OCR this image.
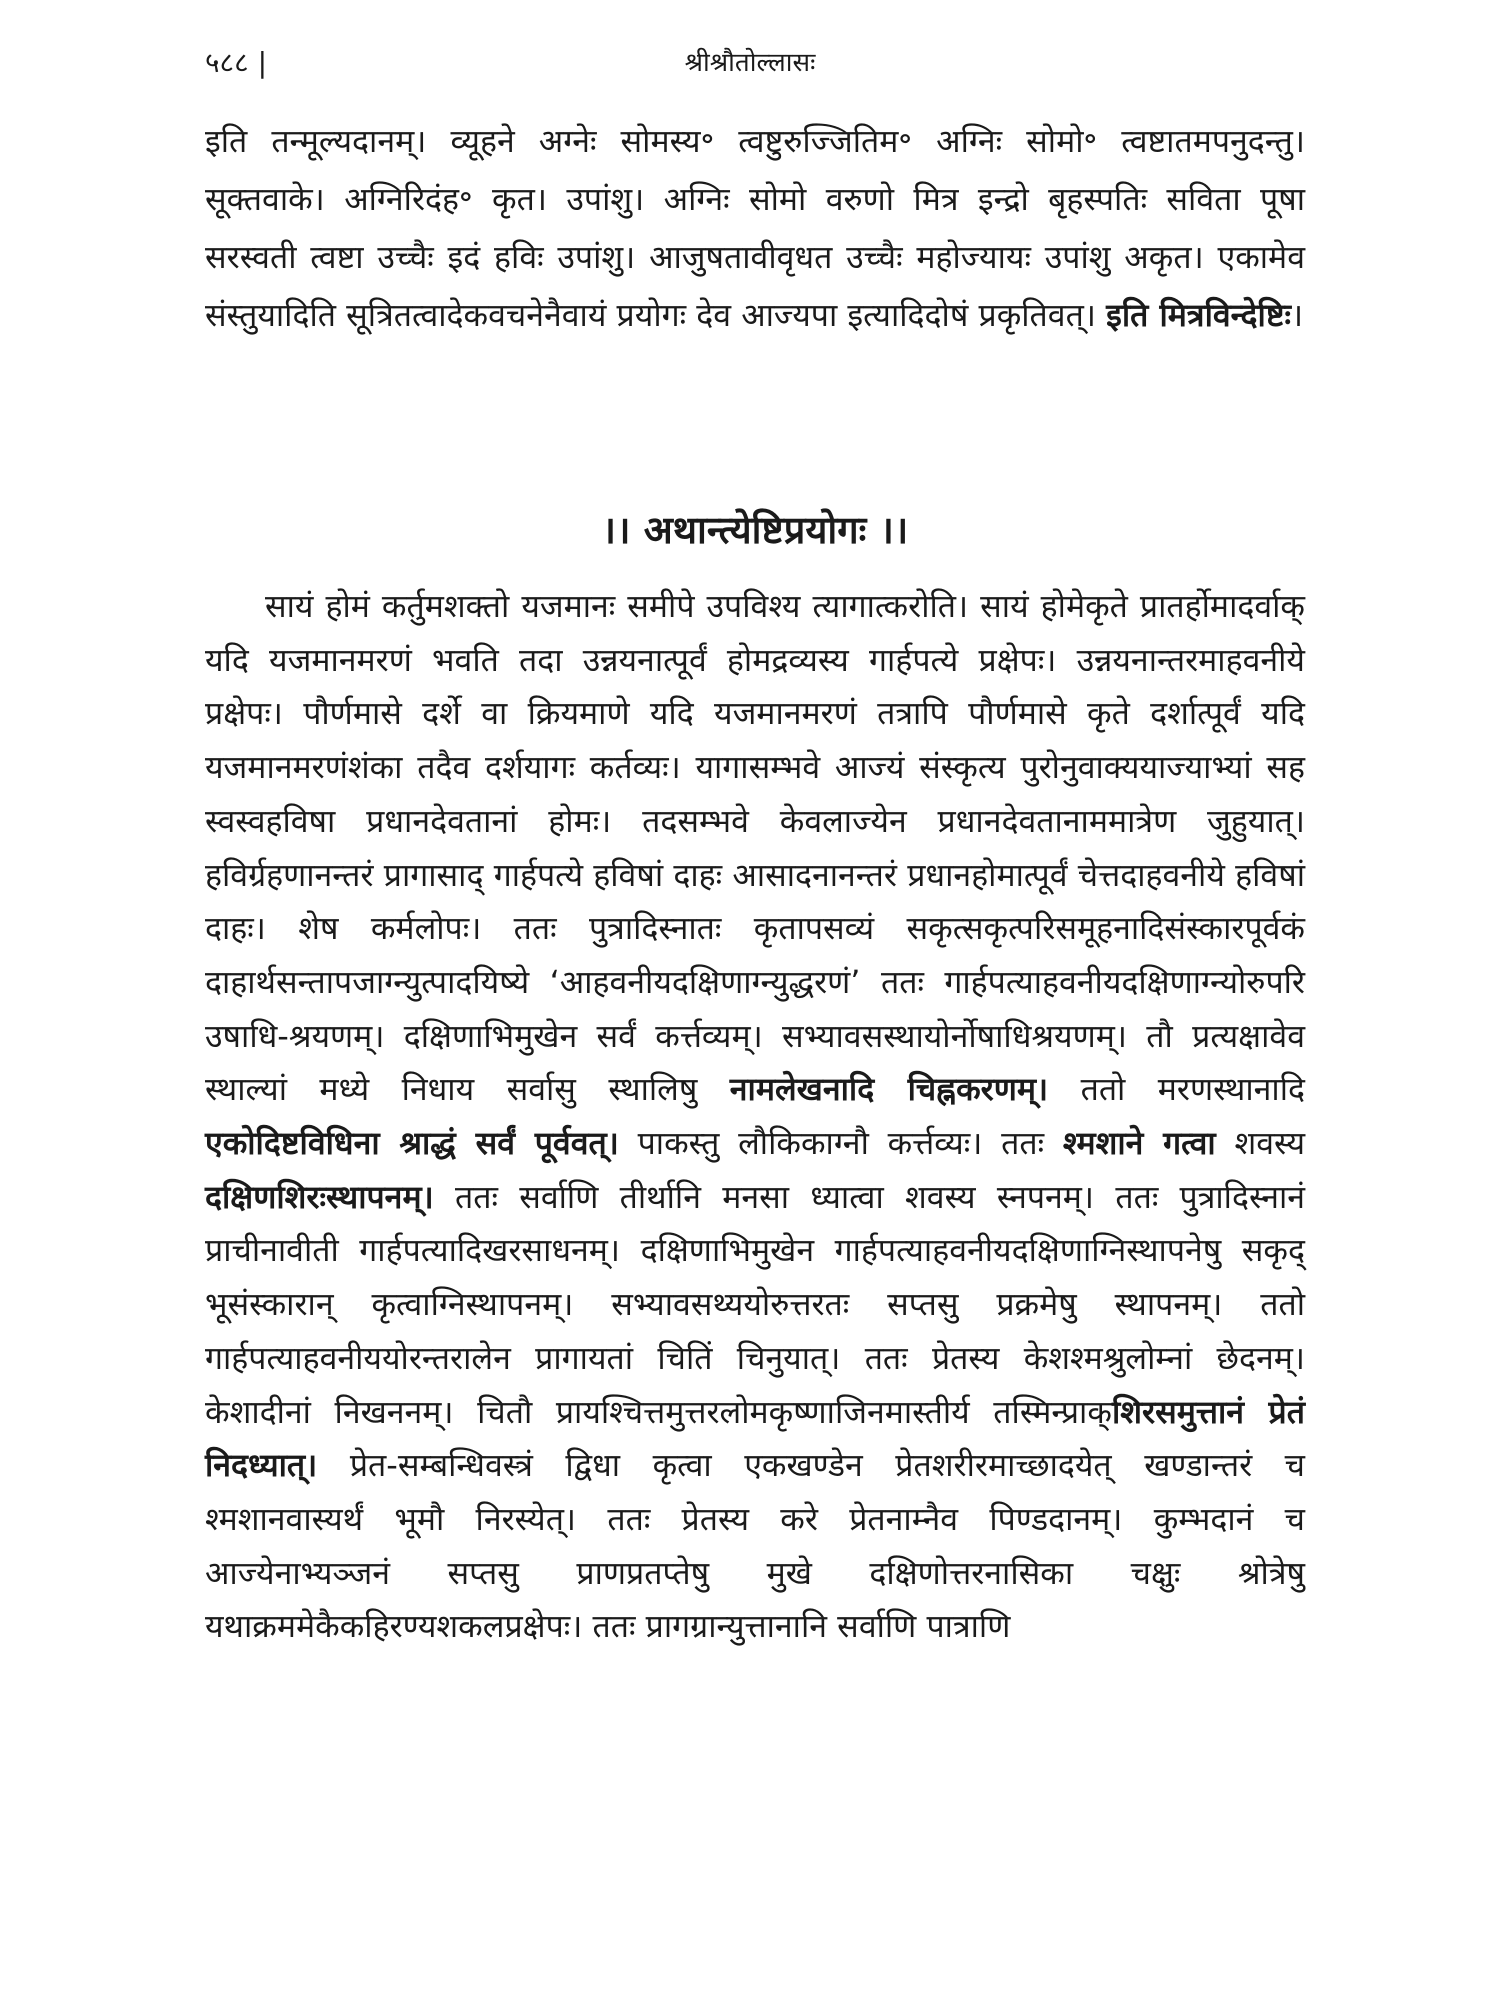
५८८ |	श्रीश्रौतोल्लासः

इति तन्मूल्यदानम्। व्यूहने अग्नेः सोमस्य॰ त्वष्टुरुज्जितिम॰ अग्निः सोमो॰ त्वष्टातमपनुदन्तु। सूक्तवाके। अग्निरिदंह॰ कृत। उपांशु। अग्निः सोमो वरुणो मित्र इन्द्रो बृहस्पतिः सविता पूषा सरस्वती त्वष्टा उच्चैः इदं हविः उपांशु। आजुषतावीवृधत उच्चैः महोज्यायः उपांशु अकृत। एकामेव संस्तुयादिति सूत्रितत्वादेकवचनेनैवायं प्रयोगः देव आज्यपा इत्यादिदोषं प्रकृतिवत्। इति मित्रविन्देष्टिः।

।। अथान्त्येष्टिप्रयोगः ।।

सायं होमं कर्तुमशक्तो यजमानः समीपे उपविश्य त्यागात्करोति। सायं होमेकृते प्रातर्होमादर्वाक् यदि यजमानमरणं भवति तदा उन्नयनात्पूर्वं होमद्रव्यस्य गार्हपत्ये प्रक्षेपः। उन्नयनान्तरमाहवनीये प्रक्षेपः। पौर्णमासे दर्शे वा क्रियमाणे यदि यजमानमरणं तत्रापि पौर्णमासे कृते दर्शात्पूर्वं यदि यजमानमरणंशंका तदैव दर्शयागः कर्तव्यः। यागासम्भवे आज्यं संस्कृत्य पुरोनुवाक्ययाज्याभ्यां सह स्वस्वहविषा प्रधानदेवतानां होमः। तदसम्भवे केवलाज्येन प्रधानदेवतानाममात्रेण जुहुयात्। हविर्ग्रहणानन्तरं प्रागासाद् गार्हपत्ये हविषां दाहः आसादनानन्तरं प्रधानहोमात्पूर्वं चेत्तदाहवनीये हविषां दाहः। शेष कर्मलोपः। ततः पुत्रादिस्नातः कृतापसव्यं सकृत्सकृत्परिसमूहनादिसंस्कारपूर्वकं दाहार्थसन्तापजाग्न्युत्पादयिष्ये ‘आहवनीयदक्षिणाग्न्युद्धरणं’ ततः गार्हपत्याहवनीयदक्षिणाग्न्योरुपरि उषाधि-श्रयणम्। दक्षिणाभिमुखेन सर्वं कर्त्तव्यम्। सभ्यावसस्थायोर्नोषाधिश्रयणम्। तौ प्रत्यक्षावेव स्थाल्यां मध्ये निधाय सर्वासु स्थालिषु नामलेखनादि चिह्नकरणम्। ततो मरणस्थानादि एकोदिष्टविधिना श्राद्धं सर्वं पूर्ववत्। पाकस्तु लौकिकाग्नौ कर्त्तव्यः। ततः श्मशाने गत्वा शवस्य दक्षिणशिरःस्थापनम्। ततः सर्वाणि तीर्थानि मनसा ध्यात्वा शवस्य स्नपनम्। ततः पुत्रादिस्नानं प्राचीनावीती गार्हपत्यादिखरसाधनम्। दक्षिणाभिमुखेन गार्हपत्याहवनीयदक्षिणाग्निस्थापनेषु सकृद् भूसंस्कारान् कृत्वाग्निस्थापनम्। सभ्यावसथ्ययोरुत्तरतः सप्तसु प्रक्रमेषु स्थापनम्। ततो गार्हपत्याहवनीययोरन्तरालेन प्रागायतां चितिं चिनुयात्। ततः प्रेतस्य केशश्मश्रुलोम्नां छेदनम्। केशादीनां निखननम्। चितौ प्रायश्चित्तमुत्तरलोमकृष्णाजिनमास्तीर्य तस्मिन्प्राक्शिरसमुत्तानं प्रेतं निदध्यात्। प्रेत-सम्बन्धिवस्त्रं द्विधा कृत्वा एकखण्डेन प्रेतशरीरमाच्छादयेत् खण्डान्तरं च श्मशानवास्यर्थं भूमौ निरस्येत्। ततः प्रेतस्य करे प्रेतनाम्नैव पिण्डदानम्। कुम्भदानं च आज्येनाभ्यञ्जनं सप्तसु प्राणप्रतप्तेषु मुखे दक्षिणोत्तरनासिका चक्षुः श्रोत्रेषु यथाक्रममेकैकहिरण्यशकलप्रक्षेपः। ततः प्रागग्रान्युत्तानानि सर्वाणि पात्राणि
